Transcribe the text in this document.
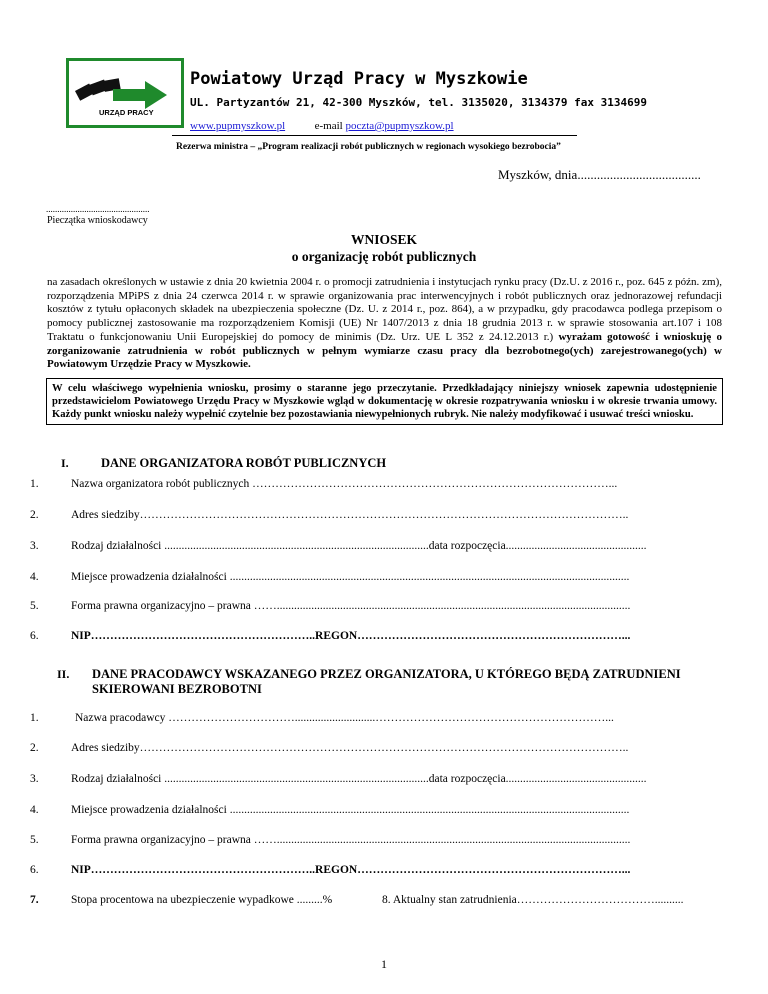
URZĄD PRACY
Powiatowy Urząd Pracy w Myszkowie
UL. Partyzantów 21, 42-300 Myszków, tel. 3135020, 3134379 fax 3134699
www.pupmyszkow.pl	e-mail poczta@pupmyszkow.pl
Rezerwa ministra – „Program realizacji robót publicznych w regionach wysokiego bezrobocia”
Myszków, dnia......................................
..............................................
Pieczątka wnioskodawcy
WNIOSEK
o organizację robót publicznych
na zasadach określonych w ustawie z dnia 20 kwietnia 2004 r. o promocji zatrudnienia i instytucjach rynku pracy (Dz.U. z 2016 r., poz. 645 z późn. zm), rozporządzenia MPiPS z dnia 24 czerwca 2014 r. w sprawie organizowania prac interwencyjnych i robót publicznych oraz jednorazowej refundacji kosztów z tytułu opłaconych składek na ubezpieczenia społeczne (Dz. U. z 2014 r., poz. 864), a w przypadku, gdy pracodawca podlega przepisom o pomocy publicznej zastosowanie ma rozporządzeniem Komisji (UE) Nr 1407/2013 z dnia 18 grudnia 2013 r. w sprawie stosowania art.107 i 108 Traktatu o funkcjonowaniu Unii Europejskiej do pomocy de minimis (Dz. Urz. UE L 352 z 24.12.2013 r.) wyrażam gotowość i wnioskuję o zorganizowanie zatrudnienia w robót publicznych w pełnym wymiarze czasu pracy dla bezrobotnego(ych) zarejestrowanego(ych) w Powiatowym Urzędzie Pracy w Myszkowie.
W celu właściwego wypełnienia wniosku, prosimy o staranne jego przeczytanie. Przedkładający niniejszy wniosek zapewnia udostępnienie przedstawicielom Powiatowego Urzędu Pracy w Myszkowie wgląd w dokumentację w okresie rozpatrywania wniosku i w okresie trwania umowy. Każdy punkt wniosku należy wypełnić czytelnie bez pozostawiania niewypełnionych rubryk. Nie należy modyfikować i usuwać treści wniosku.
I.	DANE ORGANIZATORA ROBÓT PUBLICZNYCH
1.	Nazwa organizatora robót publicznych …………………………………………………………………………………...
2.	Adres siedziby………………………………………………………………………………………………………………..
3.	Rodzaj działalności ............................................................................................data rozpoczęcia.................................................
4.	Miejsce prowadzenia działalności ...........................................................................................................................................
5.	Forma prawna organizacyjno – prawna ……...........................................................................................................................
6.	NIP…………………………………………………..REGON……………………………………………………………...
II. DANE PRACODAWCY WSKAZANEGO PRZEZ ORGANIZATORA, U KTÓREGO BĘDĄ ZATRUDNIENI
SKIEROWANI BEZROBOTNI
1.	Nazwa pracodawcy ……………………………............................……………………………………………………...
2.	Adres siedziby………………………………………………………………………………………………………………..
3.	Rodzaj działalności ............................................................................................data rozpoczęcia.................................................
4.	Miejsce prowadzenia działalności ...........................................................................................................................................
5.	Forma prawna organizacyjno – prawna ……...........................................................................................................................
6.	NIP…………………………………………………..REGON……………………………………………………………...
7.	Stopa procentowa na ubezpieczenie wypadkowe .........%	8. Aktualny stan zatrudnienia………………………………..........
1
